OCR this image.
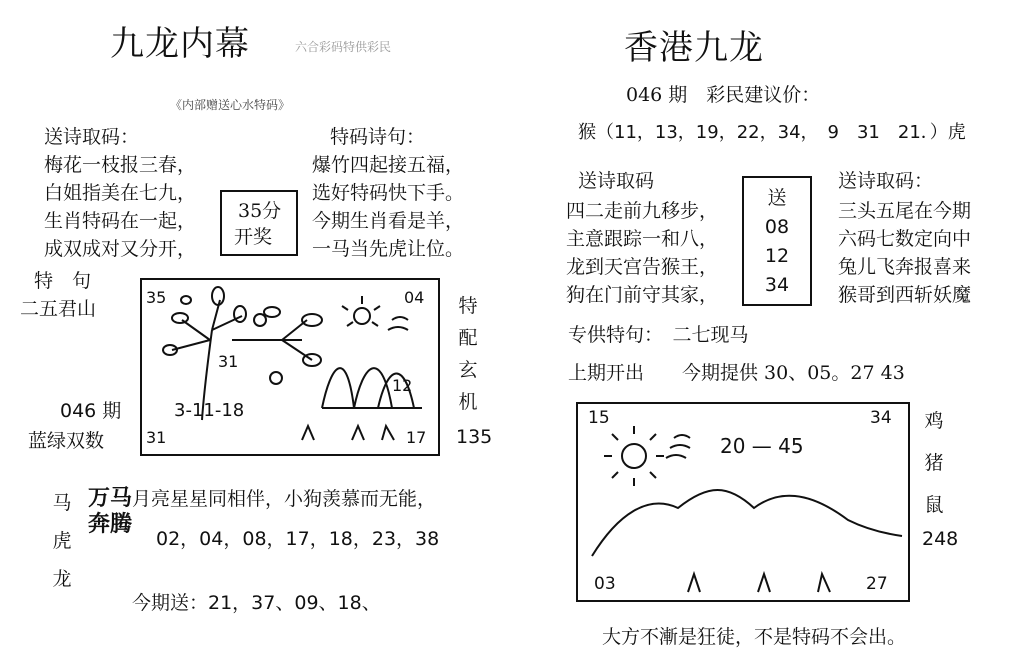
九龙内幕	六合彩码特供彩民
《内部赠送心水特码》
送诗取码：
梅花一枝报三春，
白姐指美在七九，
生肖特码在一起，
成双成对又分开，
35分
开奖
特码诗句：
爆竹四起接五福，
选好特码快下手。
今期生肖看是羊，
一马当先虎让位。
特　句
二五君山
046 期
蓝绿双数
35	04
31	17
3-11-18
31
12
特
配
玄
机
135
马
虎
龙
万马
奔腾
月亮星星同相伴，小狗羡慕而无能，
02，04，08，17，18，23，38
今期送：21，37、09、18、
香港九龙
046 期　彩民建议价：
猴（11，13，19，22，34，　9　31　21．）虎
送诗取码
四二走前九移步，
主意跟踪一和八，
龙到天宫告猴王，
狗在门前守其家，
送
08
12
34
送诗取码：
三头五尾在今期
六码七数定向中
兔儿飞奔报喜来
猴哥到西斩妖魔
专供特句：　二七现马
上期开出　　今期提供 30、05。27 43
15	34
03	27
20 — 45
鸡
猪
鼠
248
大方不漸是狂徒，不是特码不会出。
